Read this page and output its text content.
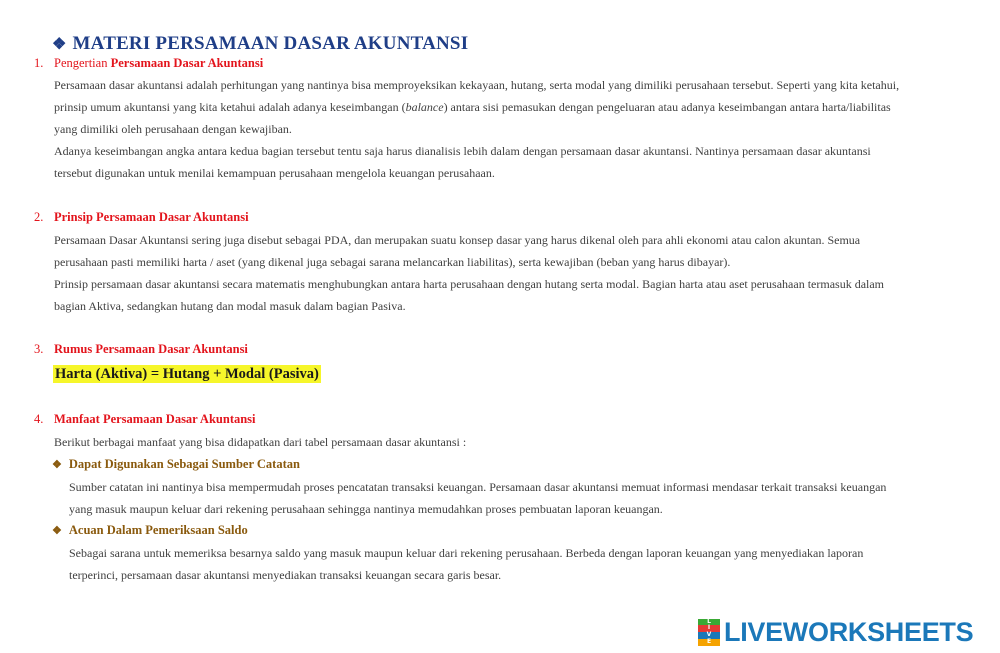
❖ MATERI PERSAMAAN DASAR AKUNTANSI
1. Pengertian Persamaan Dasar Akuntansi
Persamaan dasar akuntansi adalah perhitungan yang nantinya bisa memproyeksikan kekayaan, hutang, serta modal yang dimiliki perusahaan tersebut. Seperti yang kita ketahui,
prinsip umum akuntansi yang kita ketahui adalah adanya keseimbangan (balance) antara sisi pemasukan dengan pengeluaran atau adanya keseimbangan antara harta/liabilitas
yang dimiliki oleh perusahaan dengan kewajiban.
Adanya keseimbangan angka antara kedua bagian tersebut tentu saja harus dianalisis lebih dalam dengan persamaan dasar akuntansi. Nantinya persamaan dasar akuntansi
tersebut digunakan untuk menilai kemampuan perusahaan mengelola keuangan perusahaan.
2. Prinsip Persamaan Dasar Akuntansi
Persamaan Dasar Akuntansi sering juga disebut sebagai PDA, dan merupakan suatu konsep dasar yang harus dikenal oleh para ahli ekonomi atau calon akuntan. Semua
perusahaan pasti memiliki harta / aset (yang dikenal juga sebagai sarana melancarkan liabilitas), serta kewajiban (beban yang harus dibayar).
Prinsip persamaan dasar akuntansi secara matematis menghubungkan antara harta perusahaan dengan hutang serta modal. Bagian harta atau aset perusahaan termasuk dalam
bagian Aktiva, sedangkan hutang dan modal masuk dalam bagian Pasiva.
3. Rumus Persamaan Dasar Akuntansi
Harta (Aktiva) = Hutang + Modal (Pasiva)
4. Manfaat Persamaan Dasar Akuntansi
Berikut berbagai manfaat yang bisa didapatkan dari tabel persamaan dasar akuntansi :
❖ Dapat Digunakan Sebagai Sumber Catatan
Sumber catatan ini nantinya bisa mempermudah proses pencatatan transaksi keuangan. Persamaan dasar akuntansi memuat informasi mendasar terkait transaksi keuangan
yang masuk maupun keluar dari rekening perusahaan sehingga nantinya memudahkan proses pembuatan laporan keuangan.
❖ Acuan Dalam Pemeriksaan Saldo
Sebagai sarana untuk memeriksa besarnya saldo yang masuk maupun keluar dari rekening perusahaan. Berbeda dengan laporan keuangan yang menyediakan laporan
terperinci, persamaan dasar akuntansi menyediakan transaksi keuangan secara garis besar.
L
I
V
E LIVEWORKSHEETS
